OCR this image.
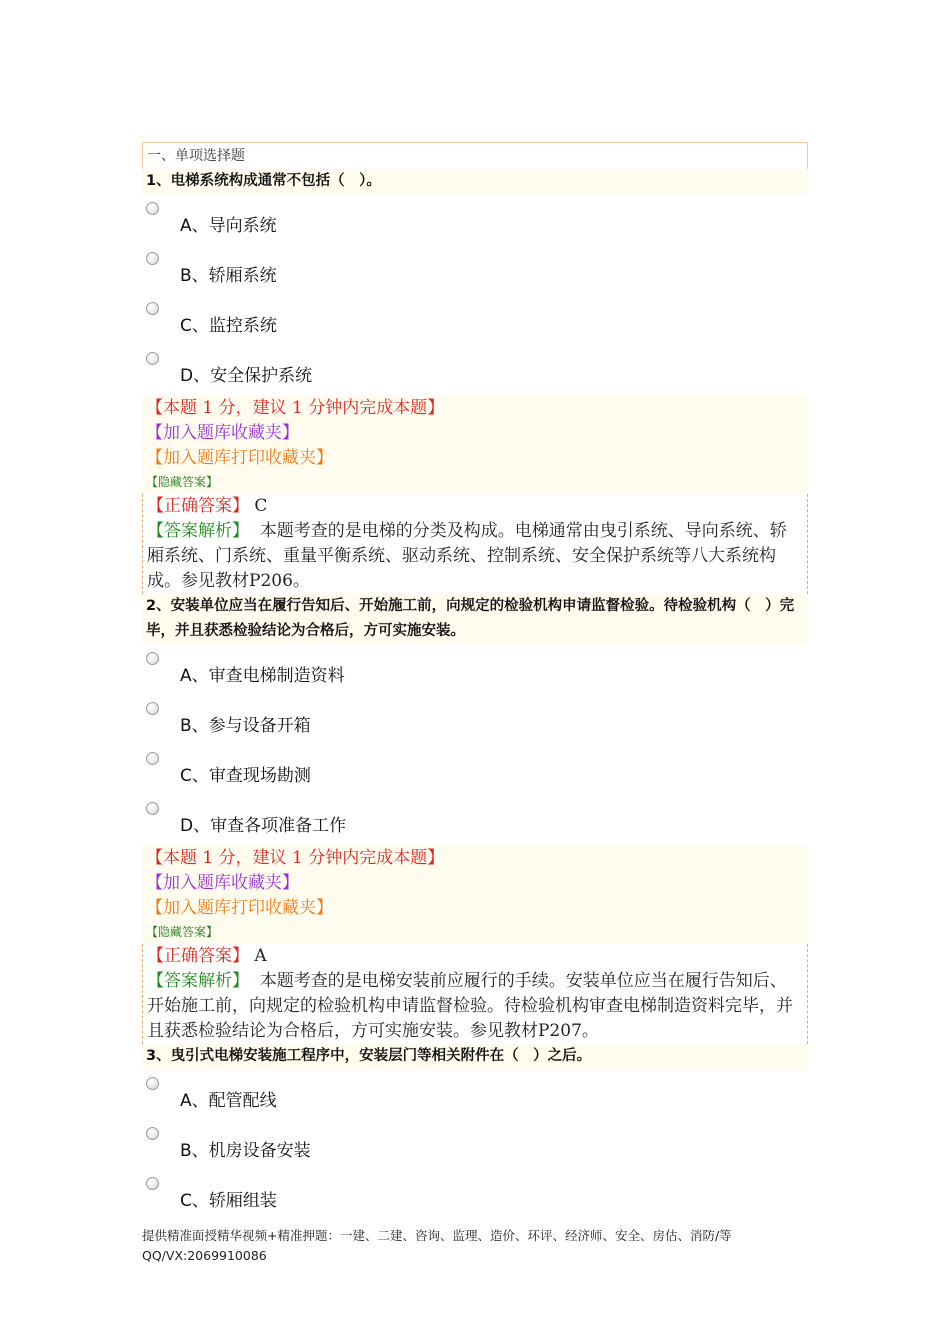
一、单项选择题
1、电梯系统构成通常不包括（　）。
A、导向系统
B、轿厢系统
C、监控系统
D、安全保护系统
【本题 1 分，建议 1 分钟内完成本题】
【加入题库收藏夹】
【加入题库打印收藏夹】
【隐藏答案】
【正确答案】 C
【答案解析】 本题考查的是电梯的分类及构成。电梯通常由曳引系统、导向系统、轿厢系统、门系统、重量平衡系统、驱动系统、控制系统、安全保护系统等八大系统构成。参见教材P206。
2、安装单位应当在履行告知后、开始施工前，向规定的检验机构申请监督检验。待检验机构（　）完毕，并且获悉检验结论为合格后，方可实施安装。
A、审查电梯制造资料
B、参与设备开箱
C、审查现场勘测
D、审查各项准备工作
【本题 1 分，建议 1 分钟内完成本题】
【加入题库收藏夹】
【加入题库打印收藏夹】
【隐藏答案】
【正确答案】 A
【答案解析】 本题考查的是电梯安装前应履行的手续。安装单位应当在履行告知后、开始施工前，向规定的检验机构申请监督检验。待检验机构审查电梯制造资料完毕，并且获悉检验结论为合格后，方可实施安装。参见教材P207。
3、曳引式电梯安装施工程序中，安装层门等相关附件在（　）之后。
A、配管配线
B、机房设备安装
C、轿厢组装
提供精准面授精华视频+精准押题：一建、二建、咨询、监理、造价、环评、经济师、安全、房估、消防/等　QQ/VX:2069910086
